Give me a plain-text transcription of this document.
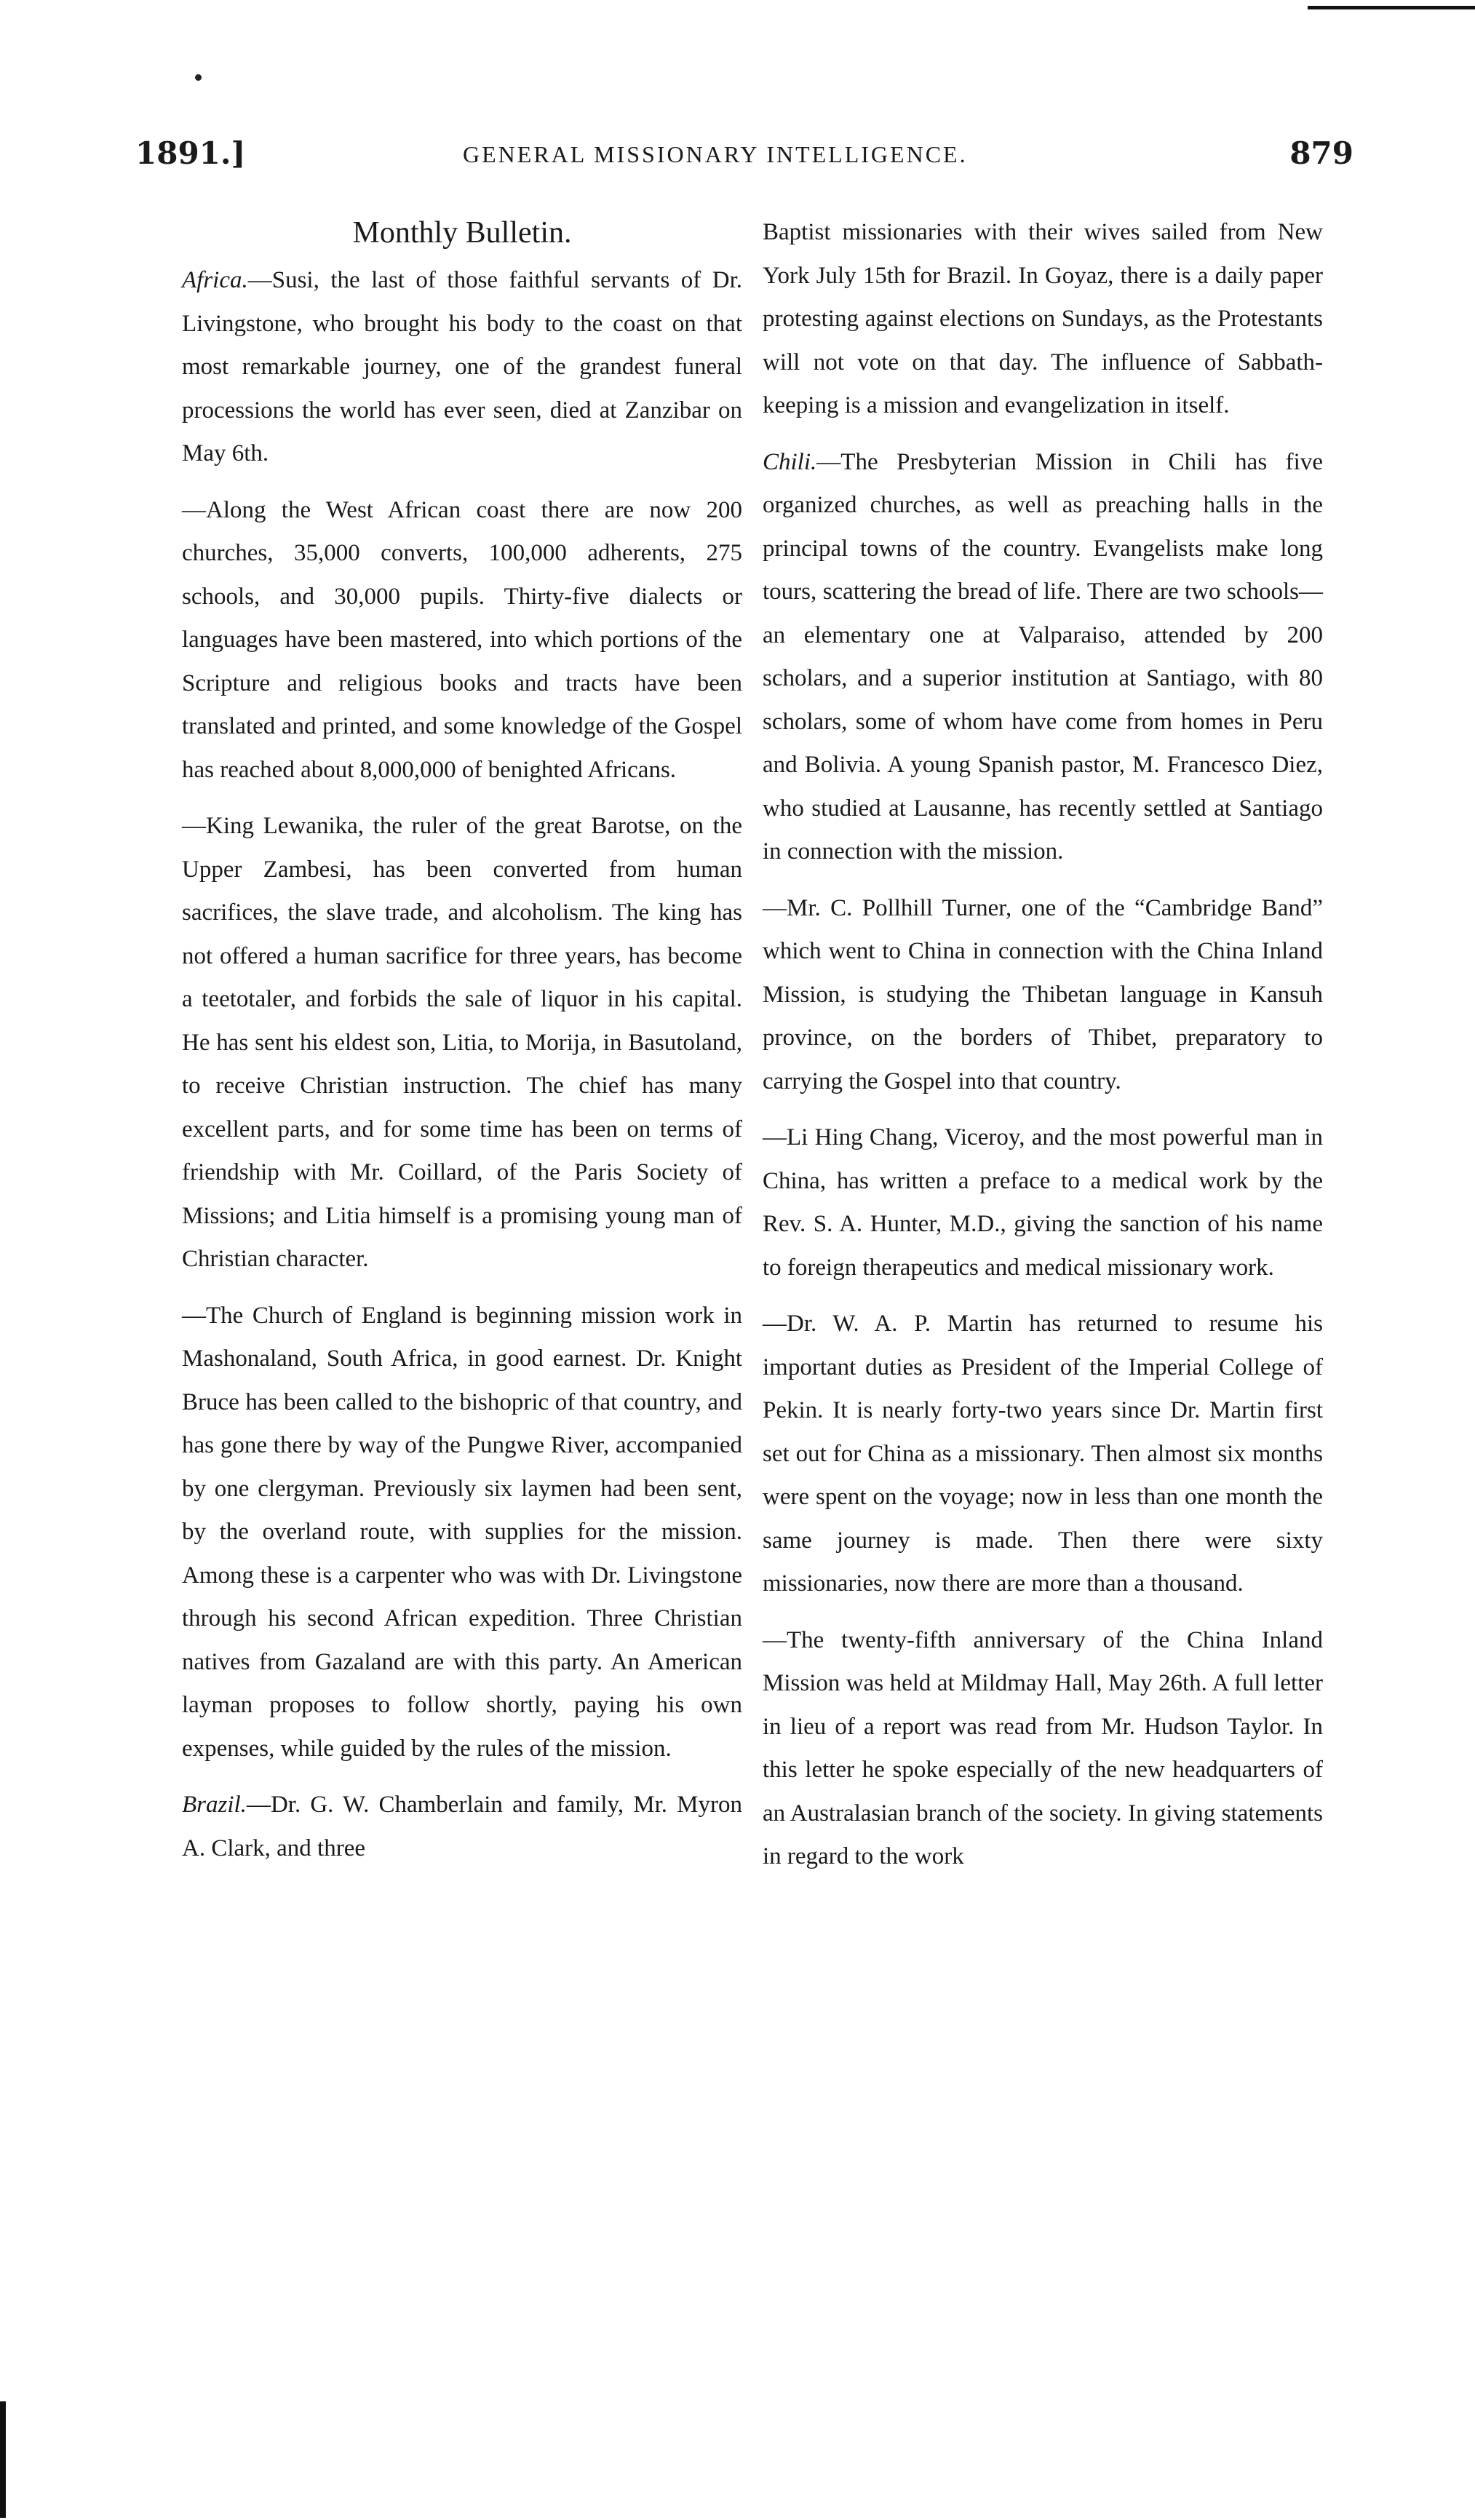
1891.]	GENERAL MISSIONARY INTELLIGENCE.	879
Monthly Bulletin.

Africa.—Susi, the last of those faithful servants of Dr. Livingstone, who brought his body to the coast on that most remarkable journey, one of the grandest funeral processions the world has ever seen, died at Zanzibar on May 6th.

—Along the West African coast there are now 200 churches, 35,000 converts, 100,000 adherents, 275 schools, and 30,000 pupils. Thirty-five dialects or languages have been mastered, into which portions of the Scripture and religious books and tracts have been translated and printed, and some knowledge of the Gospel has reached about 8,000,000 of benighted Africans.

—King Lewanika, the ruler of the great Barotse, on the Upper Zambesi, has been converted from human sacrifices, the slave trade, and alcoholism. The king has not offered a human sacrifice for three years, has become a teetotaler, and forbids the sale of liquor in his capital. He has sent his eldest son, Litia, to Morija, in Basutoland, to receive Christian instruction. The chief has many excellent parts, and for some time has been on terms of friendship with Mr. Coillard, of the Paris Society of Missions; and Litia himself is a promising young man of Christian character.

—The Church of England is beginning mission work in Mashonaland, South Africa, in good earnest. Dr. Knight Bruce has been called to the bishopric of that country, and has gone there by way of the Pungwe River, accompanied by one clergyman. Previously six laymen had been sent, by the overland route, with supplies for the mission. Among these is a carpenter who was with Dr. Livingstone through his second African expedition. Three Christian natives from Gazaland are with this party. An American layman proposes to follow shortly, paying his own expenses, while guided by the rules of the mission.

Brazil.—Dr. G. W. Chamberlain and family, Mr. Myron A. Clark, and three

Baptist missionaries with their wives sailed from New York July 15th for Brazil. In Goyaz, there is a daily paper protesting against elections on Sundays, as the Protestants will not vote on that day. The influence of Sabbath-keeping is a mission and evangelization in itself.

Chili.—The Presbyterian Mission in Chili has five organized churches, as well as preaching halls in the principal towns of the country. Evangelists make long tours, scattering the bread of life. There are two schools—an elementary one at Valparaiso, attended by 200 scholars, and a superior institution at Santiago, with 80 scholars, some of whom have come from homes in Peru and Bolivia. A young Spanish pastor, M. Francesco Diez, who studied at Lausanne, has recently settled at Santiago in connection with the mission.

—Mr. C. Pollhill Turner, one of the “Cambridge Band” which went to China in connection with the China Inland Mission, is studying the Thibetan language in Kansuh province, on the borders of Thibet, preparatory to carrying the Gospel into that country.

—Li Hing Chang, Viceroy, and the most powerful man in China, has written a preface to a medical work by the Rev. S. A. Hunter, M.D., giving the sanction of his name to foreign therapeutics and medical missionary work.

—Dr. W. A. P. Martin has returned to resume his important duties as President of the Imperial College of Pekin. It is nearly forty-two years since Dr. Martin first set out for China as a missionary. Then almost six months were spent on the voyage; now in less than one month the same journey is made. Then there were sixty missionaries, now there are more than a thousand.

—The twenty-fifth anniversary of the China Inland Mission was held at Mildmay Hall, May 26th. A full letter in lieu of a report was read from Mr. Hudson Taylor. In this letter he spoke especially of the new headquarters of an Australasian branch of the society. In giving statements in regard to the work
